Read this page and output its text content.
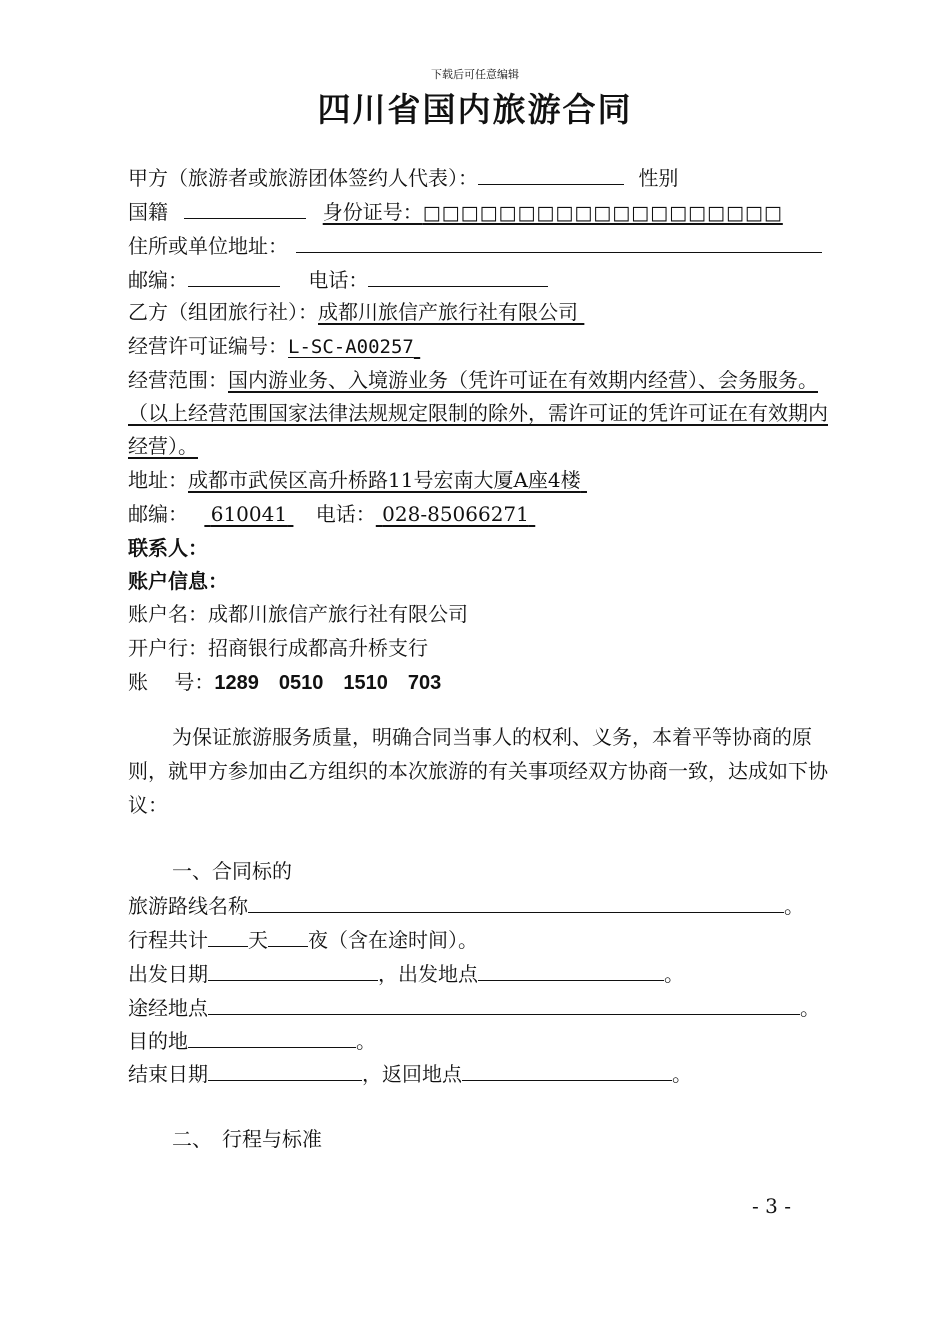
下载后可任意编辑
四川省国内旅游合同
甲方（旅游者或旅游团体签约人代表）：	性别
国籍	身份证号：□□□□□□□□□□□□□□□□□□□
住所或单位地址：
邮编：	电话：
乙方（组团旅行社）：成都川旅信产旅行社有限公司
经营许可证编号：L-SC-A00257
经营范围：国内游业务、入境游业务（凭许可证在有效期内经营）、会务服务。（以上经营范围国家法律法规规定限制的除外，需许可证的凭许可证在有效期内经营）。
地址：成都市武侯区高升桥路11号宏南大厦A座4楼
邮编： 610041 电话： 028-85066271
联系人：
账户信息：
账户名：成都川旅信产旅行社有限公司
开户行：招商银行成都高升桥支行
账　 号：1289　0510　1510　703
为保证旅游服务质量，明确合同当事人的权利、义务，本着平等协商的原则，就甲方参加由乙方组织的本次旅游的有关事项经双方协商一致，达成如下协议：
一、合同标的
旅游路线名称	。
行程共计 天 夜（含在途时间）。
出发日期	，出发地点	。
途经地点	。
目的地	。
结束日期	，返回地点	。
二、　行程与标准
- 3 -
